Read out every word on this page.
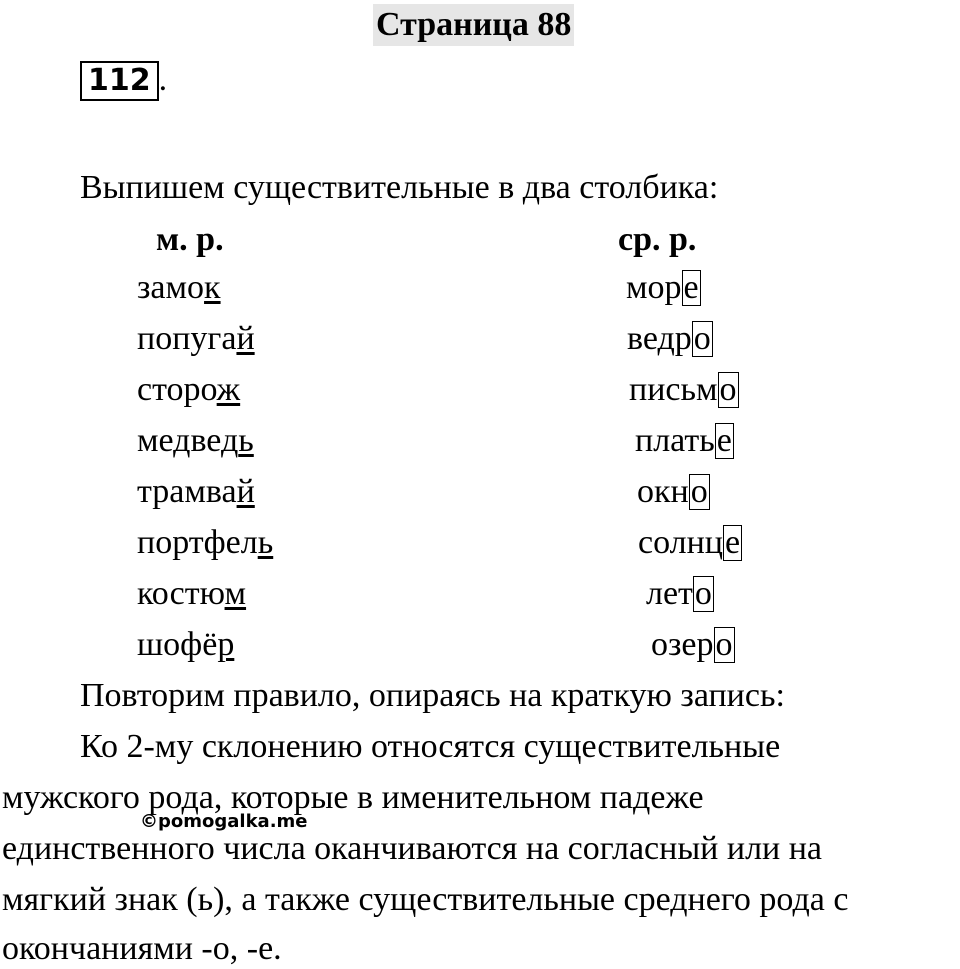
Страница 88
112 .
Выпишем существительные в два столбика:
м. р.	ср. р.
замок
попугай
сторож
медведь
трамвай
портфель
костюм
шофёр
море
ведро
письмо
платье
окно
солнце
лето
озеро
Повторим правило, опираясь на краткую запись:
Ко 2-му склонению относятся существительные
мужского рода, которые в именительном падеже
единственного числа оканчиваются на согласный или на
мягкий знак (ь), а также существительные среднего рода с
окончаниями -о, -е.
©pomogalka.me
